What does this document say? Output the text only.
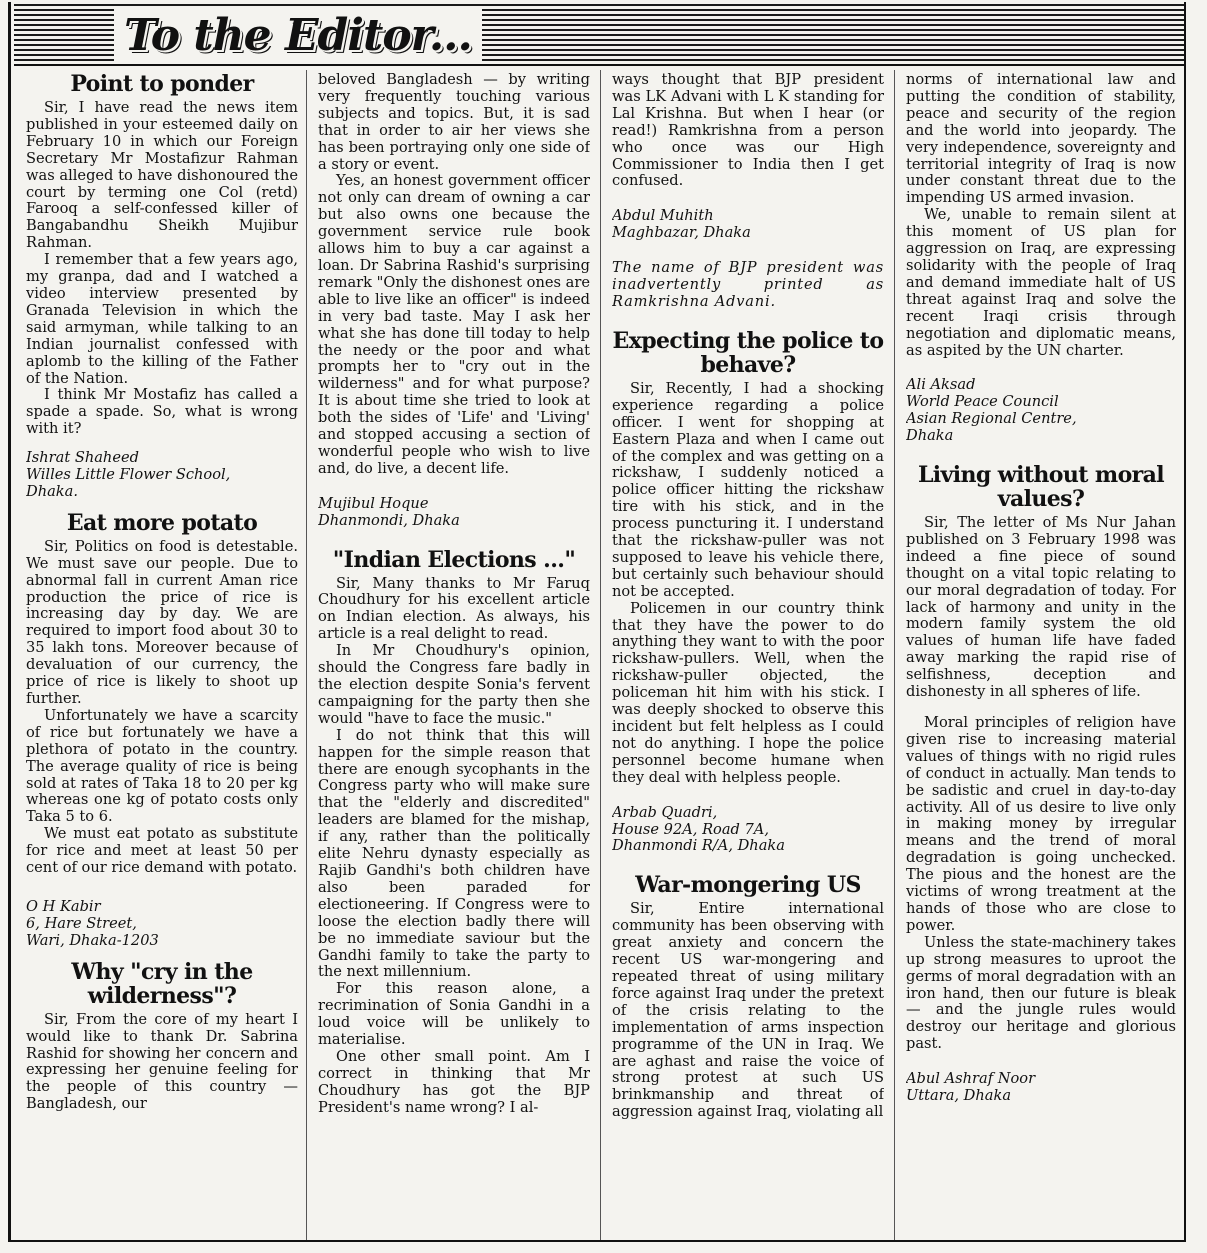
To the Editor...
Point to ponder

Sir, I have read the news item published in your esteemed daily on February 10 in which our Foreign Secretary Mr Mostafizur Rahman was alleged to have dishonoured the court by terming one Col (retd) Farooq a self-confessed killer of Bangabandhu Sheikh Mujibur Rahman.

I remember that a few years ago, my granpa, dad and I watched a video interview presented by Granada Television in which the said armyman, while talking to an Indian journalist confessed with aplomb to the killing of the Father of the Nation.

I think Mr Mostafiz has called a spade a spade. So, what is wrong with it?

Ishrat Shaheed
Willes Little Flower School,
Dhaka.
Eat more potato

Sir, Politics on food is detestable. We must save our people. Due to abnormal fall in current Aman rice production the price of rice is increasing day by day. We are required to import food about 30 to 35 lakh tons. Moreover because of devaluation of our currency, the price of rice is likely to shoot up further.

Unfortunately we have a scarcity of rice but fortunately we have a plethora of potato in the country. The average quality of rice is being sold at rates of Taka 18 to 20 per kg whereas one kg of potato costs only Taka 5 to 6.

We must eat potato as substitute for rice and meet at least 50 per cent of our rice demand with potato.

O H Kabir
6, Hare Street,
Wari, Dhaka-1203
Why "cry in the wilderness"?

Sir, From the core of my heart I would like to thank Dr. Sabrina Rashid for showing her concern and expressing her genuine feeling for the people of this country — Bangladesh, our

beloved Bangladesh — by writing very frequently touching various subjects and topics. But, it is sad that in order to air her views she has been portraying only one side of a story or event.

Yes, an honest government officer not only can dream of owning a car but also owns one because the government service rule book allows him to buy a car against a loan. Dr Sabrina Rashid's surprising remark "Only the dishonest ones are able to live like an officer" is indeed in very bad taste. May I ask her what she has done till today to help the needy or the poor and what prompts her to "cry out in the wilderness" and for what purpose? It is about time she tried to look at both the sides of 'Life' and 'Living' and stopped accusing a section of wonderful people who wish to live and, do live, a decent life.

Mujibul Hoque
Dhanmondi, Dhaka
"Indian Elections ..."

Sir, Many thanks to Mr Faruq Choudhury for his excellent article on Indian election. As always, his article is a real delight to read.

In Mr Choudhury's opinion, should the Congress fare badly in the election despite Sonia's fervent campaigning for the party then she would "have to face the music."

I do not think that this will happen for the simple reason that there are enough sycophants in the Congress party who will make sure that the "elderly and discredited" leaders are blamed for the mishap, if any, rather than the politically elite Nehru dynasty especially as Rajib Gandhi's both children have also been paraded for electioneering. If Congress were to loose the election badly there will be no immediate saviour but the Gandhi family to take the party to the next millennium.

For this reason alone, a recrimination of Sonia Gandhi in a loud voice will be unlikely to materialise.

One other small point. Am I correct in thinking that Mr Choudhury has got the BJP President's name wrong? I al-

ways thought that BJP president was LK Advani with L K standing for Lal Krishna. But when I hear (or read!) Ramkrishna from a person who once was our High Commissioner to India then I get confused.

Abdul Muhith
Maghbazar, Dhaka
The name of BJP president was inadvertently printed as Ramkrishna Advani.
Expecting the police to behave?

Sir, Recently, I had a shocking experience regarding a police officer. I went for shopping at Eastern Plaza and when I came out of the complex and was getting on a rickshaw, I suddenly noticed a police officer hitting the rickshaw tire with his stick, and in the process puncturing it. I understand that the rickshaw-puller was not supposed to leave his vehicle there, but certainly such behaviour should not be accepted.

Policemen in our country think that they have the power to do anything they want to with the poor rickshaw-pullers. Well, when the rickshaw-puller objected, the policeman hit him with his stick. I was deeply shocked to observe this incident but felt helpless as I could not do anything. I hope the police personnel become humane when they deal with helpless people.

Arbab Quadri,
House 92A, Road 7A,
Dhanmondi R/A, Dhaka
War-mongering US

Sir, Entire international community has been observing with great anxiety and concern the recent US war-mongering and repeated threat of using military force against Iraq under the pretext of the crisis relating to the implementation of arms inspection programme of the UN in Iraq. We are aghast and raise the voice of strong protest at such US brinkmanship and threat of aggression against Iraq, violating all

norms of international law and putting the condition of stability, peace and security of the region and the world into jeopardy. The very independence, sovereignty and territorial integrity of Iraq is now under constant threat due to the impending US armed invasion.

We, unable to remain silent at this moment of US plan for aggression on Iraq, are expressing solidarity with the people of Iraq and demand immediate halt of US threat against Iraq and solve the recent Iraqi crisis through negotiation and diplomatic means, as aspited by the UN charter.

Ali Aksad
World Peace Council
Asian Regional Centre,
Dhaka
Living without moral values?

Sir, The letter of Ms Nur Jahan published on 3 February 1998 was indeed a fine piece of sound thought on a vital topic relating to our moral degradation of today. For lack of harmony and unity in the modern family system the old values of human life have faded away marking the rapid rise of selfishness, deception and dishonesty in all spheres of life.

Moral principles of religion have given rise to increasing material values of things with no rigid rules of conduct in actually. Man tends to be sadistic and cruel in day-to-day activity. All of us desire to live only in making money by irregular means and the trend of moral degradation is going unchecked. The pious and the honest are the victims of wrong treatment at the hands of those who are close to power.

Unless the state-machinery takes up strong measures to uproot the germs of moral degradation with an iron hand, then our future is bleak — and the jungle rules would destroy our heritage and glorious past.

Abul Ashraf Noor
Uttara, Dhaka
